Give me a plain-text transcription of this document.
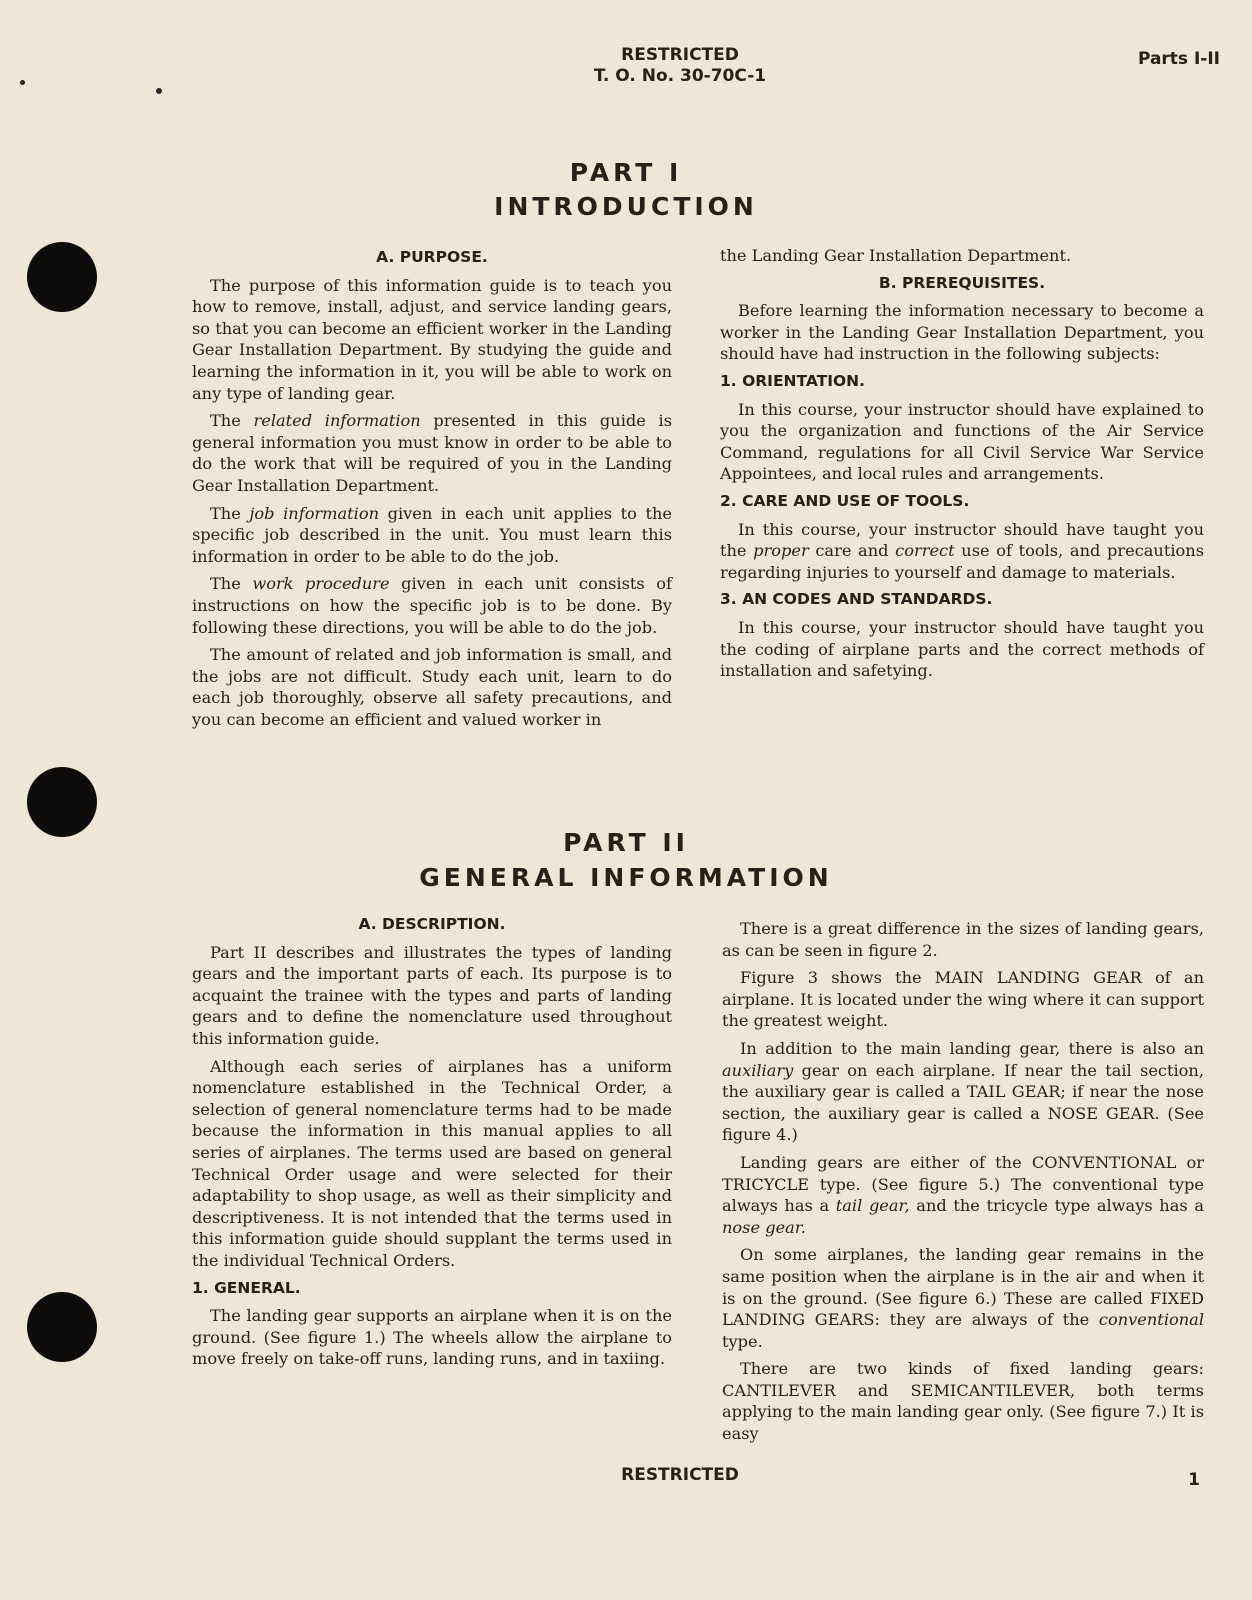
RESTRICTED
T. O. No. 30-70C-1
Parts I-II
PART I
INTRODUCTION
A. PURPOSE.

The purpose of this information guide is to teach you how to remove, install, adjust, and service landing gears, so that you can become an efficient worker in the Landing Gear Installation Department. By studying the guide and learning the information in it, you will be able to work on any type of landing gear.

The related information presented in this guide is general information you must know in order to be able to do the work that will be required of you in the Landing Gear Installation Department.

The job information given in each unit applies to the specific job described in the unit. You must learn this information in order to be able to do the job.

The work procedure given in each unit consists of instructions on how the specific job is to be done. By following these directions, you will be able to do the job.

The amount of related and job information is small, and the jobs are not difficult. Study each unit, learn to do each job thoroughly, observe all safety precautions, and you can become an efficient and valued worker in

the Landing Gear Installation Department.

B. PREREQUISITES.

Before learning the information necessary to become a worker in the Landing Gear Installation Department, you should have had instruction in the following subjects:

1. ORIENTATION.

In this course, your instructor should have explained to you the organization and functions of the Air Service Command, regulations for all Civil Service War Service Appointees, and local rules and arrangements.

2. CARE AND USE OF TOOLS.

In this course, your instructor should have taught you the proper care and correct use of tools, and precautions regarding injuries to yourself and damage to materials.

3. AN CODES AND STANDARDS.

In this course, your instructor should have taught you the coding of airplane parts and the correct methods of installation and safetying.

PART II
GENERAL INFORMATION
A. DESCRIPTION.

Part II describes and illustrates the types of landing gears and the important parts of each. Its purpose is to acquaint the trainee with the types and parts of landing gears and to define the nomenclature used throughout this information guide.

Although each series of airplanes has a uniform nomenclature established in the Technical Order, a selection of general nomenclature terms had to be made because the information in this manual applies to all series of airplanes. The terms used are based on general Technical Order usage and were selected for their adaptability to shop usage, as well as their simplicity and descriptiveness. It is not intended that the terms used in this information guide should supplant the terms used in the individual Technical Orders.

1. GENERAL.

The landing gear supports an airplane when it is on the ground. (See figure 1.) The wheels allow the airplane to move freely on take-off runs, landing runs, and in taxiing.

There is a great difference in the sizes of landing gears, as can be seen in figure 2.

Figure 3 shows the MAIN LANDING GEAR of an airplane. It is located under the wing where it can support the greatest weight.

In addition to the main landing gear, there is also an auxiliary gear on each airplane. If near the tail section, the auxiliary gear is called a TAIL GEAR; if near the nose section, the auxiliary gear is called a NOSE GEAR. (See figure 4.)

Landing gears are either of the CONVENTIONAL or TRICYCLE type. (See figure 5.) The conventional type always has a tail gear, and the tricycle type always has a nose gear.

On some airplanes, the landing gear remains in the same position when the airplane is in the air and when it is on the ground. (See figure 6.) These are called FIXED LANDING GEARS: they are always of the conventional type.

There are two kinds of fixed landing gears: CANTILEVER and SEMICANTILEVER, both terms applying to the main landing gear only. (See figure 7.) It is easy

RESTRICTED	1
